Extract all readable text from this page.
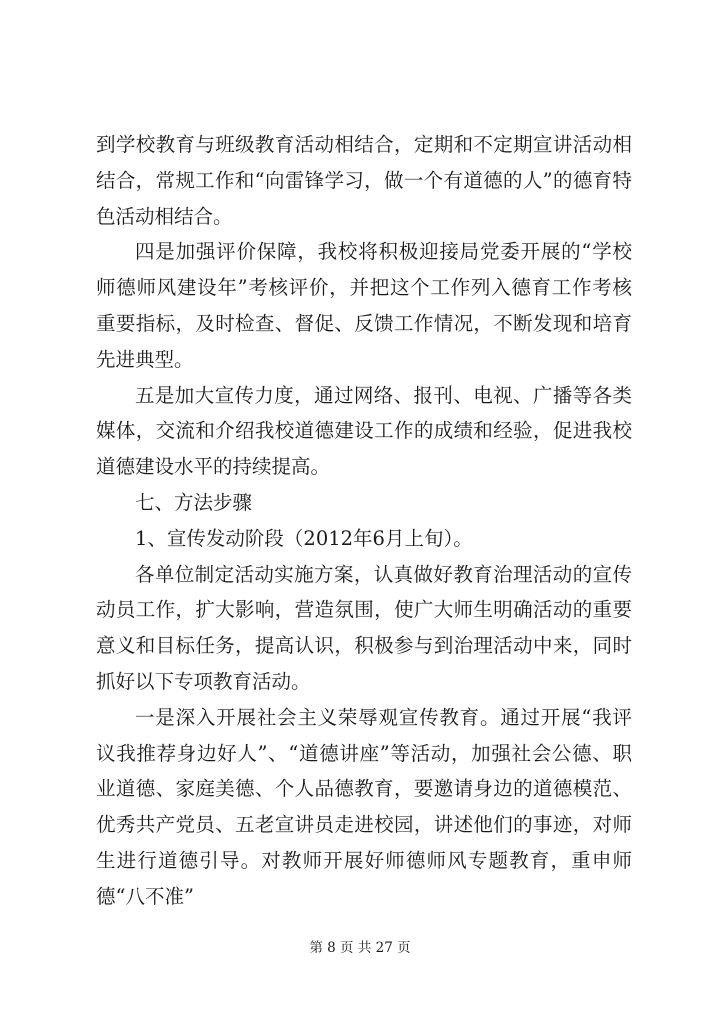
到学校教育与班级教育活动相结合，定期和不定期宣讲活动相结合，常规工作和“向雷锋学习，做一个有道德的人”的德育特色活动相结合。

四是加强评价保障，我校将积极迎接局党委开展的“学校师德师风建设年”考核评价，并把这个工作列入德育工作考核重要指标，及时检查、督促、反馈工作情况，不断发现和培育先进典型。

五是加大宣传力度，通过网络、报刊、电视、广播等各类媒体，交流和介绍我校道德建设工作的成绩和经验，促进我校道德建设水平的持续提高。

七、方法步骤

1、宣传发动阶段（2012年6月上旬）。

各单位制定活动实施方案，认真做好教育治理活动的宣传动员工作，扩大影响，营造氛围，使广大师生明确活动的重要意义和目标任务，提高认识，积极参与到治理活动中来，同时抓好以下专项教育活动。

一是深入开展社会主义荣辱观宣传教育。通过开展“我评议我推荐身边好人”、“道德讲座”等活动，加强社会公德、职业道德、家庭美德、个人品德教育，要邀请身边的道德模范、优秀共产党员、五老宣讲员走进校园，讲述他们的事迹，对师生进行道德引导。对教师开展好师德师风专题教育，重申师德“八不准”

第 8 页 共 27 页
